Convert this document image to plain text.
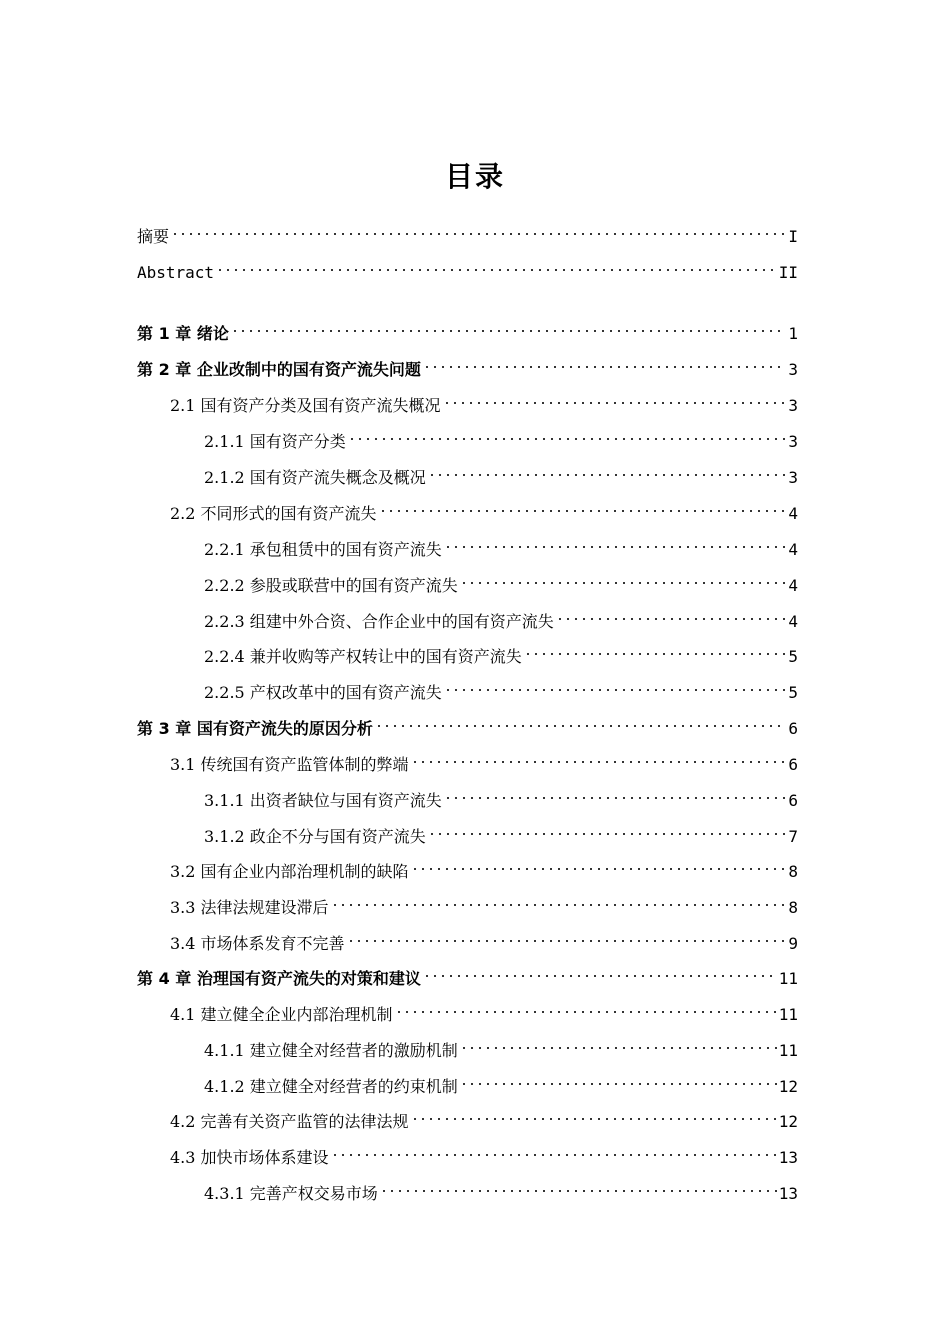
目录
摘要	I
Abstract	II
第 1 章 绪论	1
第 2 章 企业改制中的国有资产流失问题	3
2.1 国有资产分类及国有资产流失概况	3
2.1.1 国有资产分类	3
2.1.2 国有资产流失概念及概况	3
2.2 不同形式的国有资产流失	4
2.2.1 承包租赁中的国有资产流失	4
2.2.2 参股或联营中的国有资产流失	4
2.2.3 组建中外合资、合作企业中的国有资产流失	4
2.2.4 兼并收购等产权转让中的国有资产流失	5
2.2.5 产权改革中的国有资产流失	5
第 3 章 国有资产流失的原因分析	6
3.1 传统国有资产监管体制的弊端	6
3.1.1 出资者缺位与国有资产流失	6
3.1.2 政企不分与国有资产流失	7
3.2 国有企业内部治理机制的缺陷	8
3.3 法律法规建设滞后	8
3.4 市场体系发育不完善	9
第 4 章 治理国有资产流失的对策和建议	11
4.1 建立健全企业内部治理机制	11
4.1.1 建立健全对经营者的激励机制	11
4.1.2 建立健全对经营者的约束机制	12
4.2 完善有关资产监管的法律法规	12
4.3 加快市场体系建设	13
4.3.1 完善产权交易市场	13
